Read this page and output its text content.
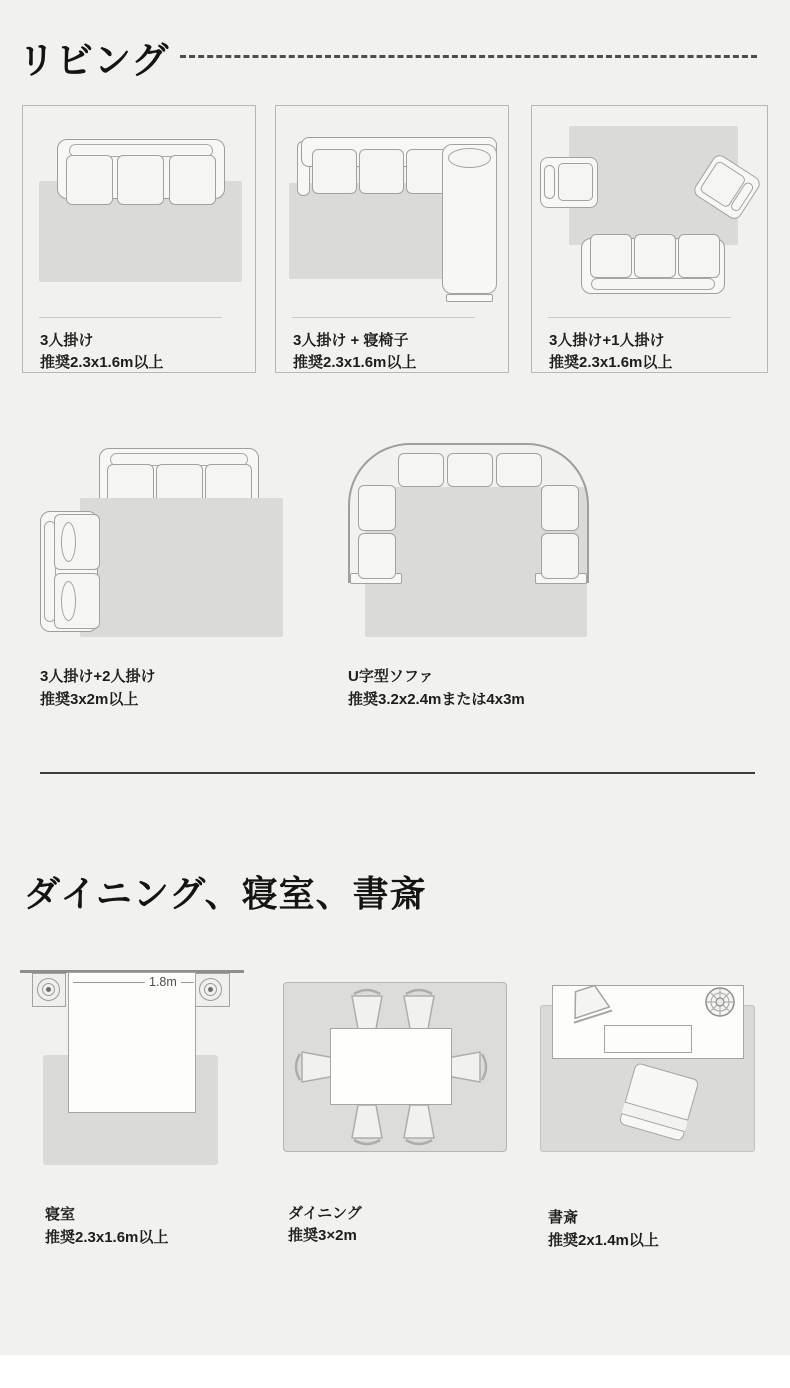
リビング
3人掛け
推奨2.3x1.6m以上
3人掛け + 寝椅子
推奨2.3x1.6m以上
3人掛け+1人掛け
推奨2.3x1.6m以上
3人掛け+2人掛け
推奨3x2m以上
U字型ソファ
推奨3.2x2.4mまたは4x3m
ダイニング、寝室、書斎
1.8m
寝室
推奨2.3x1.6m以上
ダイニング
推奨3×2m
書斎
推奨2x1.4m以上
